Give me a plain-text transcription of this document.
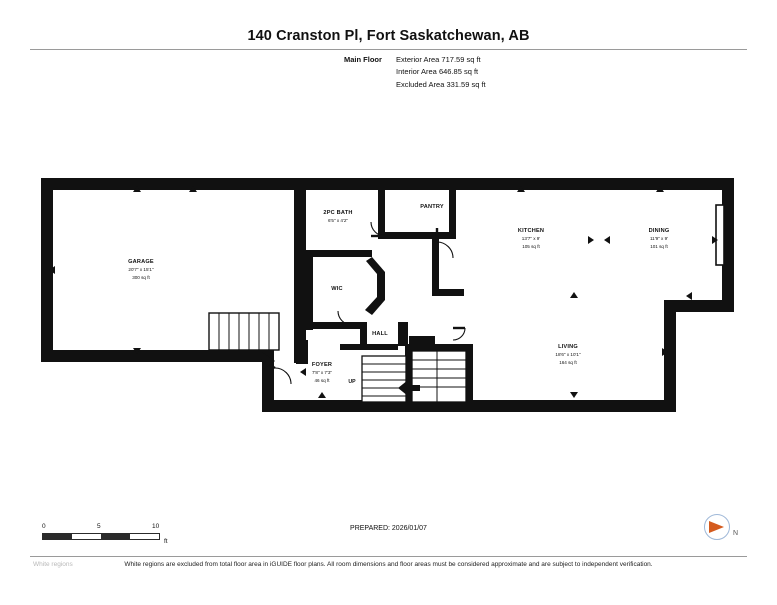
140 Cranston Pl, Fort Saskatchewan, AB
Main Floor Exterior Area 717.59 sq ft
Interior Area 646.85 sq ft
Excluded Area 331.59 sq ft
GARAGE
20'7" x 15'1"
300 sq ft
2PC BATH
6'5" x 4'2"
PANTRY
KITCHEN
13'7" x 9'
105 sq ft
DINING
11'9" x 9'
101 sq ft
WIC
HALL
FOYER
7'8" x 7'3"
46 sq ft
LIVING
18'6" x 10'1"
164 sq ft
UP
0	5	10
ft
N
PREPARED: 2026/01/07
White regions are excluded from total floor area in iGUIDE floor plans. All room dimensions and floor areas must be considered approximate and are subject to independent verification.
White regions
